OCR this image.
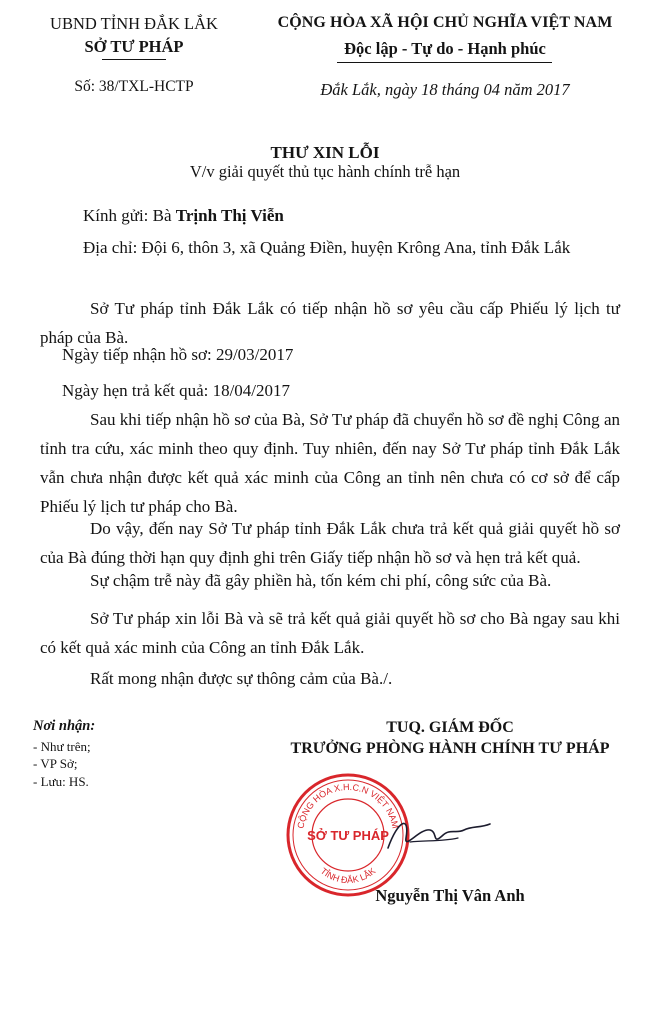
UBND TỈNH ĐẮK LẮK
SỞ TƯ PHÁP
Số: 38/TXL-HCTP
CỘNG HÒA XÃ HỘI CHỦ NGHĨA VIỆT NAM
Độc lập - Tự do - Hạnh phúc
Đắk Lắk, ngày 18 tháng 04 năm 2017
THƯ XIN LỖI
V/v giải quyết thủ tục hành chính trễ hạn
Kính gửi: Bà Trịnh Thị Viễn
Địa chỉ: Đội 6, thôn 3, xã Quảng Điền, huyện Krông Ana, tỉnh Đắk Lắk
Sở Tư pháp tỉnh Đắk Lắk có tiếp nhận hồ sơ yêu cầu cấp Phiếu lý lịch tư pháp của Bà.
Ngày tiếp nhận hồ sơ: 29/03/2017
Ngày hẹn trả kết quả: 18/04/2017
Sau khi tiếp nhận hồ sơ của Bà, Sở Tư pháp đã chuyển hồ sơ đề nghị Công an tỉnh tra cứu, xác minh theo quy định. Tuy nhiên, đến nay Sở Tư pháp tỉnh Đắk Lắk vẫn chưa nhận được kết quả xác minh của Công an tỉnh nên chưa có cơ sở để cấp Phiếu lý lịch tư pháp cho Bà.
Do vậy, đến nay Sở Tư pháp tỉnh Đắk Lắk chưa trả kết quả giải quyết hồ sơ của Bà đúng thời hạn quy định ghi trên Giấy tiếp nhận hồ sơ và hẹn trả kết quả.
Sự chậm trễ này đã gây phiền hà, tốn kém chi phí, công sức của Bà.
Sở Tư pháp xin lỗi Bà và sẽ trả kết quả giải quyết hồ sơ cho Bà ngay sau khi có kết quả xác minh của Công an tỉnh Đắk Lắk.
Rất mong nhận được sự thông cảm của Bà./.
Nơi nhận:
- Như trên;
- VP Sở;
- Lưu: HS.
TUQ. GIÁM ĐỐC
TRƯỞNG PHÒNG HÀNH CHÍNH TƯ PHÁP
CỘNG HÒA X.H.C.N VIỆT NAM
TỈNH ĐẮK LẮK
SỞ TƯ PHÁP
Nguyễn Thị Vân Anh
